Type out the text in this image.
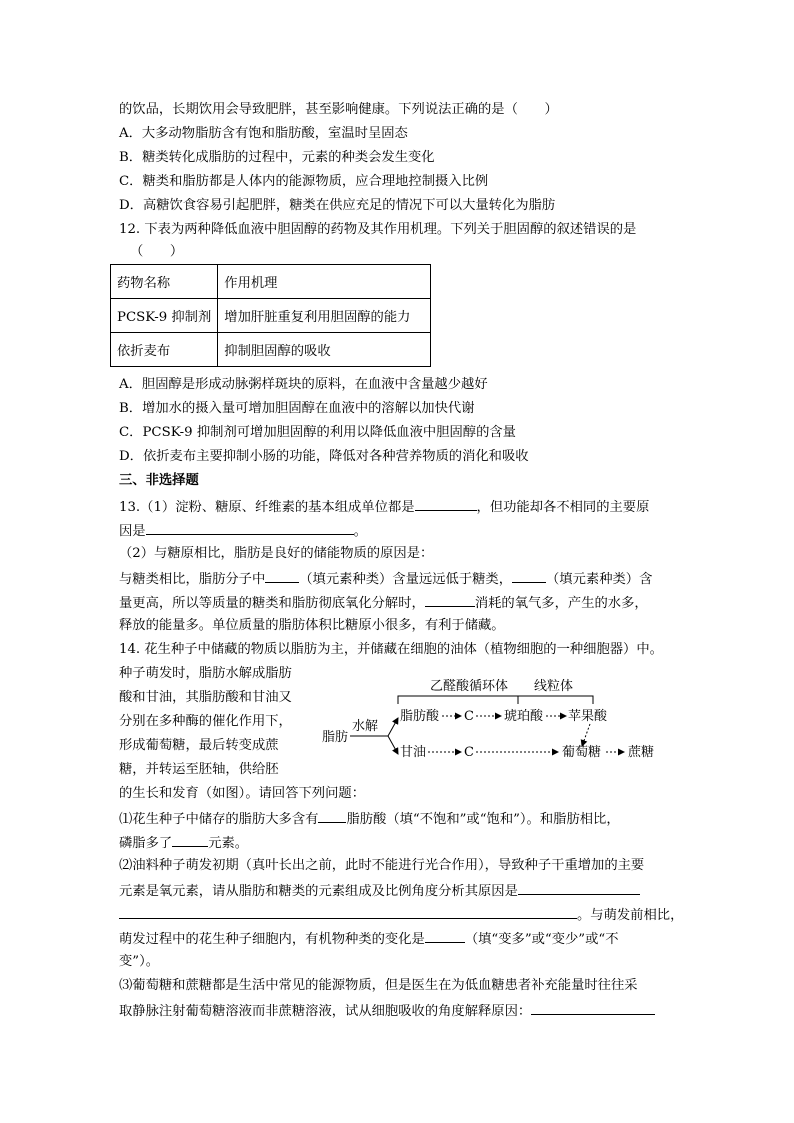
的饮品，长期饮用会导致肥胖，甚至影响健康。下列说法正确的是（　　）
A．大多动物脂肪含有饱和脂肪酸，室温时呈固态
B．糖类转化成脂肪的过程中，元素的种类会发生变化
C．糖类和脂肪都是人体内的能源物质，应合理地控制摄入比例
D．高糖饮食容易引起肥胖，糖类在供应充足的情况下可以大量转化为脂肪
12. 下表为两种降低血液中胆固醇的药物及其作用机理。下列关于胆固醇的叙述错误的是
（　　）
药物名称	作用机理
PCSK-9 抑制剂	增加肝脏重复利用胆固醇的能力
依折麦布	抑制胆固醇的吸收
A．胆固醇是形成动脉粥样斑块的原料，在血液中含量越少越好
B．增加水的摄入量可增加胆固醇在血液中的溶解以加快代谢
C．PCSK-9 抑制剂可增加胆固醇的利用以降低血液中胆固醇的含量
D．依折麦布主要抑制小肠的功能，降低对各种营养物质的消化和吸收
三、非选择题
13.（1）淀粉、糖原、纤维素的基本组成单位都是	，但功能却各不相同的主要原
因是	。
（2）与糖原相比，脂肪是良好的储能物质的原因是：
与糖类相比，脂肪分子中	（填元素种类）含量远远低于糖类，	（填元素种类）含
量更高，所以等质量的糖类和脂肪彻底氧化分解时，	消耗的氧气多，产生的水多，
释放的能量多。单位质量的脂肪体积比糖原小很多，有利于储藏。
14. 花生种子中储藏的物质以脂肪为主，并储藏在细胞的油体（植物细胞的一种细胞器）中。
种子萌发时，脂肪水解成脂肪
酸和甘油，其脂肪酸和甘油又
分别在多种酶的催化作用下，
形成葡萄糖，最后转变成蔗
糖，并转运至胚轴，供给胚
的生长和发育（如图）。请回答下列问题：
乙醛酸循环体 线粒体
脂肪
水解
脂肪酸 C 琥珀酸 苹果酸
甘油	C	葡萄糖 蔗糖
⑴花生种子中储存的脂肪大多含有 脂肪酸（填“不饱和”或“饱和”）。和脂肪相比，
磷脂多了	元素。
⑵油料种子萌发初期（真叶长出之前，此时不能进行光合作用），导致种子干重增加的主要
元素是氧元素，请从脂肪和糖类的元素组成及比例角度分析其原因是
。与萌发前相比，
萌发过程中的花生种子细胞内，有机物种类的变化是	（填“变多”或“变少”或“不
变”）。
⑶葡萄糖和蔗糖都是生活中常见的能源物质，但是医生在为低血糖患者补充能量时往往采
取静脉注射葡萄糖溶液而非蔗糖溶液，试从细胞吸收的角度解释原因：
